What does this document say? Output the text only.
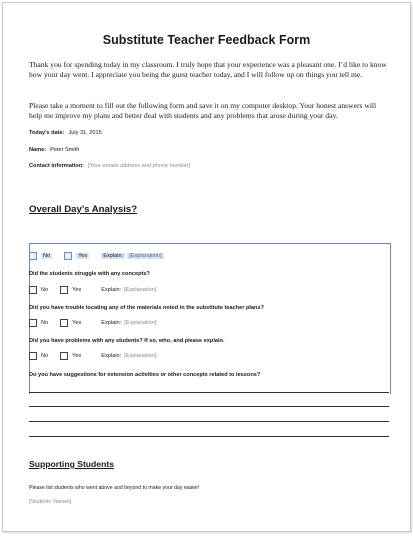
Substitute Teacher Feedback Form
Thank you for spending today in my classroom. I truly hope that your experience was a pleasant one. I’d like to know how your day went. I appreciate you being the guest teacher today, and I will follow up on things you tell me.
Please take a moment to fill out the following form and save it on my computer desktop. Your honest answers will help me improve my plans and better deal with students and any problems that arose during your day.
Today’s date: July 31, 2015
Name: Peter Smith
Contact information: [Your emails address and phone number]
Overall Day’s Analysis?
No	Yes	Explain:	[Explanation]
Did the students struggle with any concepts?
No	Yes	Explain: [Explanation]
Did you have trouble locating any of the materials noted in the substitute teacher plans?
No	Yes	Explain: [Explanation]
Did you have problems with any students? If so, who, and please explain.
No	Yes	Explain: [Explanation]
Do you have suggestions for extension activities or other concepts related to lessons?
Supporting Students
Please list students who went above and beyond to make your day easier!
[Students’ Names]
